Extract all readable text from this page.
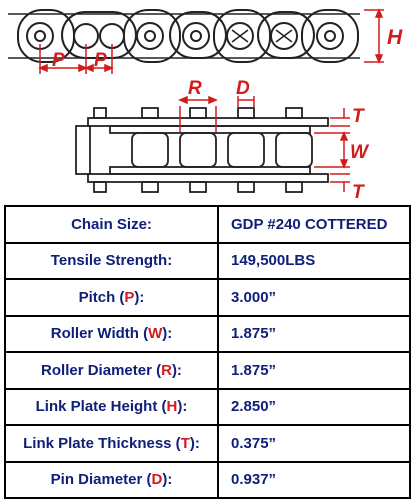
P P
H
R D
T
W
T
Chain Size:	GDP #240 COTTERED
Tensile Strength:	149,500LBS
Pitch (P):	3.000”
Roller Width (W):	1.875”
Roller Diameter (R):	1.875”
Link Plate Height (H):	2.850”
Link Plate Thickness (T):	0.375”
Pin Diameter (D):	0.937”
